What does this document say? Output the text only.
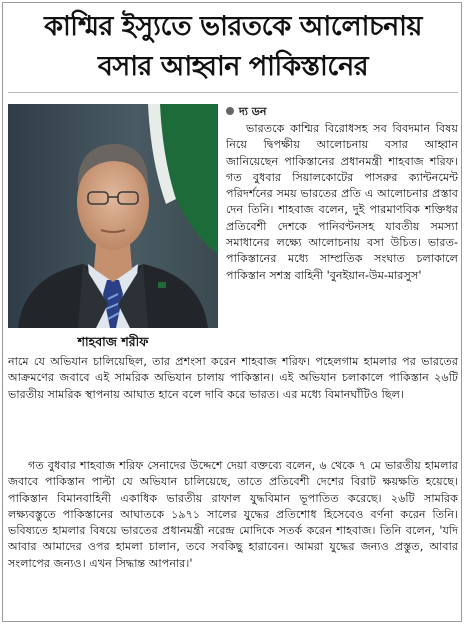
কাশ্মির ইস্যুতে ভারতকে আলোচনায়
বসার আহ্বান পাকিস্তানের
শাহবাজ শরীফ
দ্য ডন

ভারতকে কাশ্মির বিরোধসহ সব বিবদমান বিষয় নিয়ে দ্বিপক্ষীয় আলোচনায় বসার আহ্বান জানিয়েছেন পাকিস্তানের প্রধানমন্ত্রী শাহবাজ শরিফ। গত বুধবার সিয়ালকোটের পাসরুর ক্যান্টনমেন্ট পরিদর্শনের সময় ভারতের প্রতি এ আলোচনার প্রস্তাব দেন তিনি। শাহবাজ বলেন, দুই পারমাণবিক শক্তিধর প্রতিবেশী দেশকে পানিবণ্টনসহ যাবতীয় সমস্যা সমাধানের লক্ষ্যে আলোচনায় বসা উচিত। ভারত-পাকিস্তানের মধ্যে সাম্প্রতিক সংঘাত চলাকালে পাকিস্তান সশস্ত্র বাহিনী 'বুনইয়ান-উম-মারসুস'

নামে যে অভিযান চালিয়েছিল, তার প্রশংসা করেন শাহবাজ শরিফ। পহেলগাম হামলার পর ভারতের আক্রমণের জবাবে এই সামরিক অভিযান চালায় পাকিস্তান। এই অভিযান চলাকালে পাকিস্তান ২৬টি ভারতীয় সামরিক স্থাপনায় আঘাত হানে বলে দাবি করে ভারত। এর মধ্যে বিমানঘাঁটিও ছিল।

গত বুধবার শাহবাজ শরিফ সেনাদের উদ্দেশে দেয়া বক্তব্যে বলেন, ৬ থেকে ৭ মে ভারতীয় হামলার জবাবে পাকিস্তান পাল্টা যে অভিযান চালিয়েছে, তাতে প্রতিবেশী দেশের বিরাট ক্ষয়ক্ষতি হয়েছে। পাকিস্তান বিমানবাহিনী একাধিক ভারতীয় রাফাল যুদ্ধবিমান ভূপাতিত করেছে। ২৬টি সামরিক লক্ষ্যবস্তুতে পাকিস্তানের আঘাতকে ১৯৭১ সালের যুদ্ধের প্রতিশোধ হিসেবেও বর্ণনা করেন তিনি। ভবিষ্যতে হামলার বিষয়ে ভারতের প্রধানমন্ত্রী নরেন্দ্র মোদিকে সতর্ক করেন শাহবাজ। তিনি বলেন, 'যদি আবার আমাদের ওপর হামলা চালান, তবে সবকিছু হারাবেন। আমরা যুদ্ধের জন্যও প্রস্তুত, আবার সংলাপের জন্যও। এখন সিদ্ধান্ত আপনার।'
